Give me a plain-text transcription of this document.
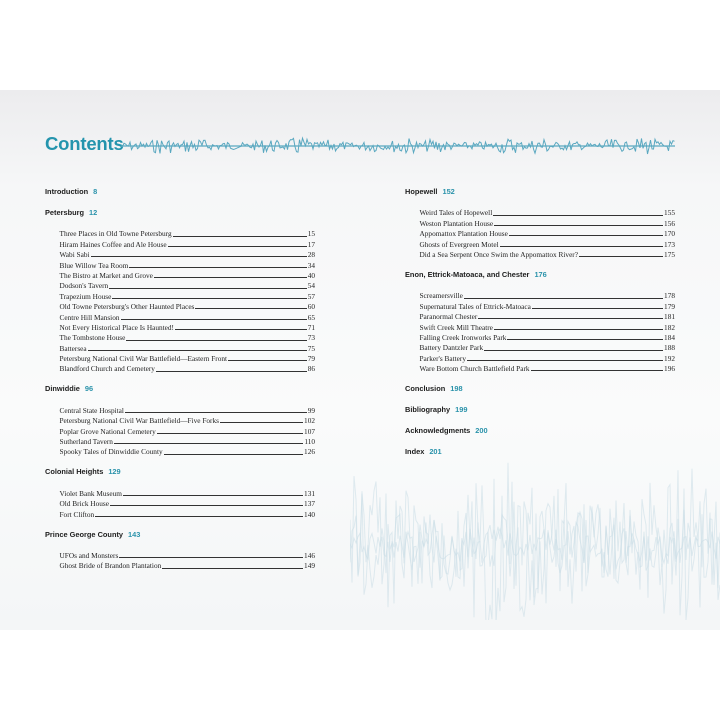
Contents
Introduction 8
Petersburg 12
Three Places in Old Towne Petersburg	15
Hiram Haines Coffee and Ale House	17
Wabi Sabi	28
Blue Willow Tea Room	34
The Bistro at Market and Grove	40
Dodson's Tavern	54
Trapezium House	57
Old Towne Petersburg's Other Haunted Places	60
Centre Hill Mansion	65
Not Every Historical Place Is Haunted!	71
The Tombstone House	73
Battersea	75
Petersburg National Civil War Battlefield—Eastern Front	79
Blandford Church and Cemetery	86
Dinwiddie 96
Central State Hospital	99
Petersburg National Civil War Battlefield—Five Forks	102
Poplar Grove National Cemetery	107
Sutherland Tavern	110
Spooky Tales of Dinwiddie County	126
Colonial Heights 129
Violet Bank Museum	131
Old Brick House	137
Fort Clifton	140
Prince George County 143
UFOs and Monsters	146
Ghost Bride of Brandon Plantation	149
Hopewell 152
Weird Tales of Hopewell	155
Weston Plantation House	156
Appomattox Plantation House	170
Ghosts of Evergreen Motel	173
Did a Sea Serpent Once Swim the Appomattox River?	175
Enon, Ettrick-Matoaca, and Chester 176
Screamersville	178
Supernatural Tales of Ettrick-Matoaca	179
Paranormal Chester	181
Swift Creek Mill Theatre	182
Falling Creek Ironworks Park	184
Battery Dantzler Park	188
Parker's Battery	192
Ware Bottom Church Battlefield Park	196
Conclusion 198
Bibliography 199
Acknowledgments 200
Index 201
